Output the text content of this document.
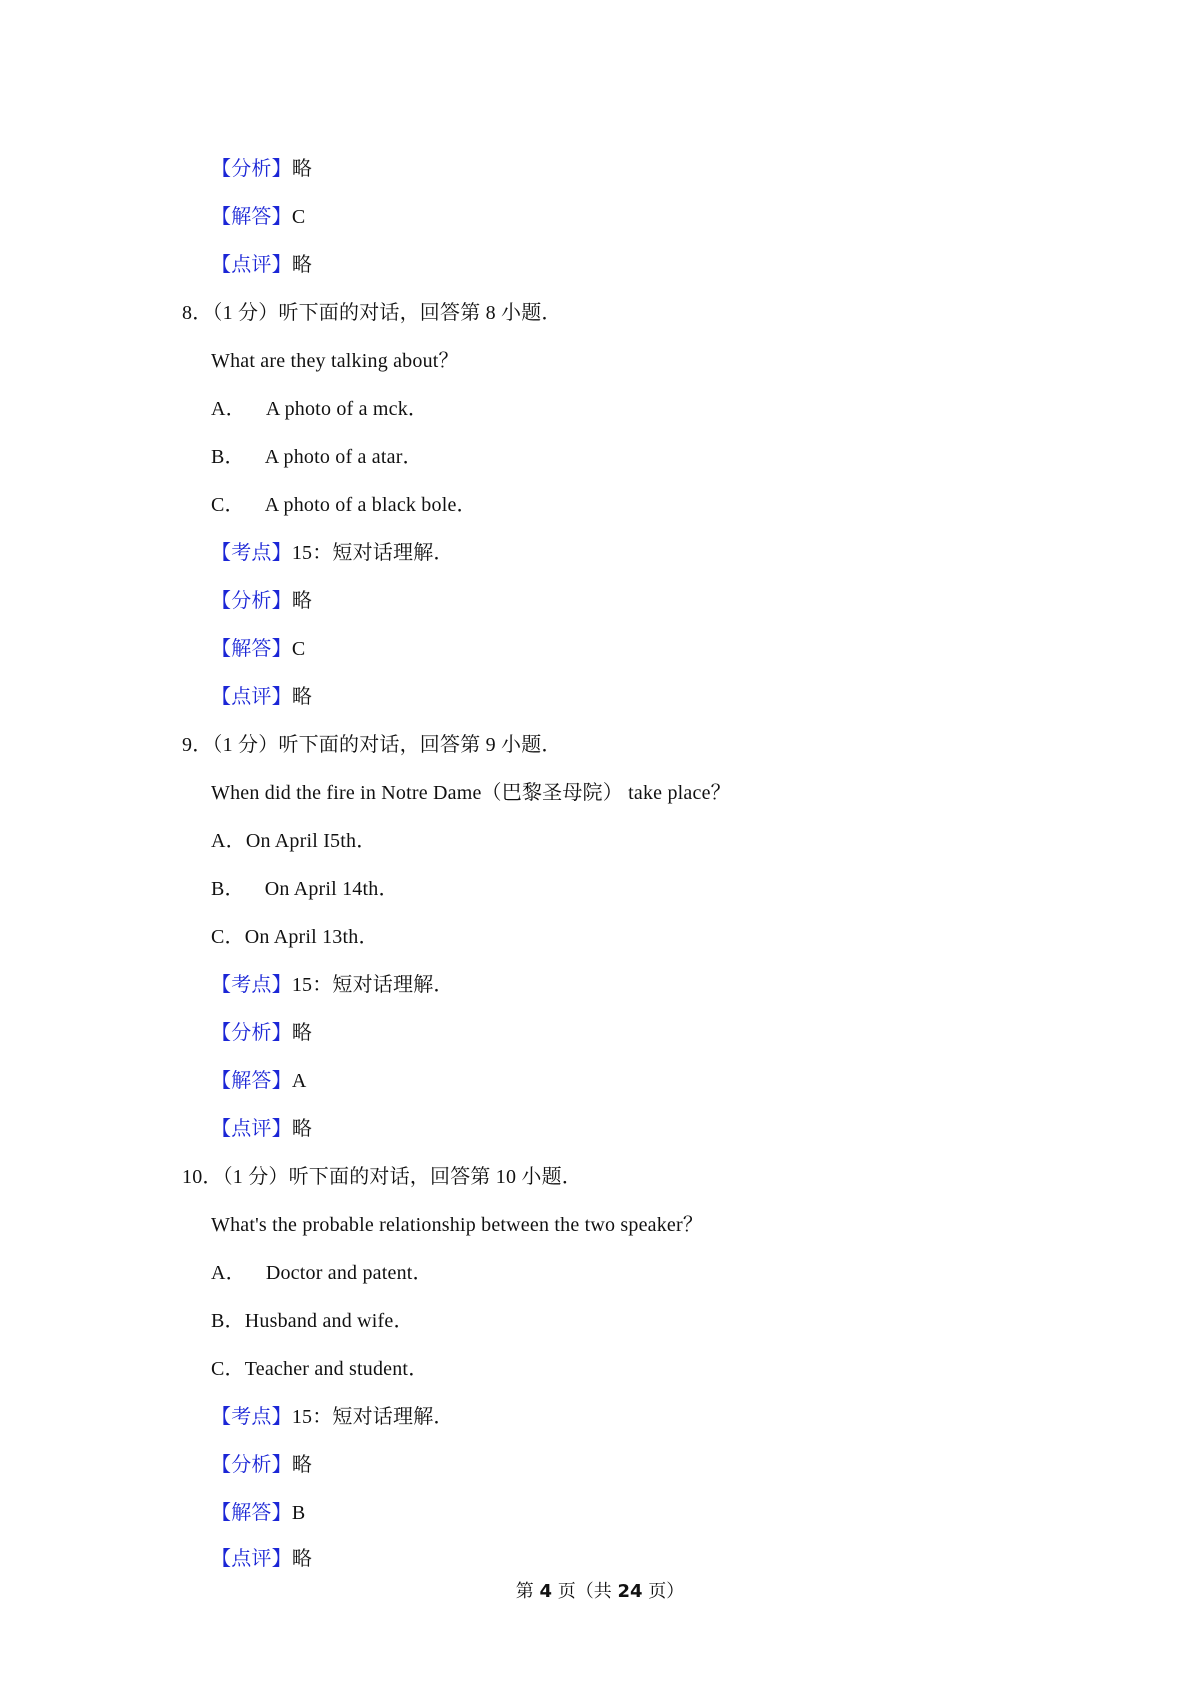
【分析】略
【解答】C
【点评】略
8．（1 分）听下面的对话，回答第 8 小题．
What are they talking about？
A． A photo of a mck．
B． A photo of a atar．
C． A photo of a black bole．
【考点】15：短对话理解．
【分析】略
【解答】C
【点评】略
9．（1 分）听下面的对话，回答第 9 小题．
When did the fire in Notre Dame（巴黎圣母院） take place？
A．On April I5th．
B． On April 14th．
C．On April 13th．
【考点】15：短对话理解．
【分析】略
【解答】A
【点评】略
10．（1 分）听下面的对话，回答第 10 小题．
What's the probable relationship between the two speaker？
A． Doctor and patent．
B．Husband and wife．
C．Teacher and student．
【考点】15：短对话理解．
【分析】略
【解答】B
【点评】略
第 4 页（共 24 页）
